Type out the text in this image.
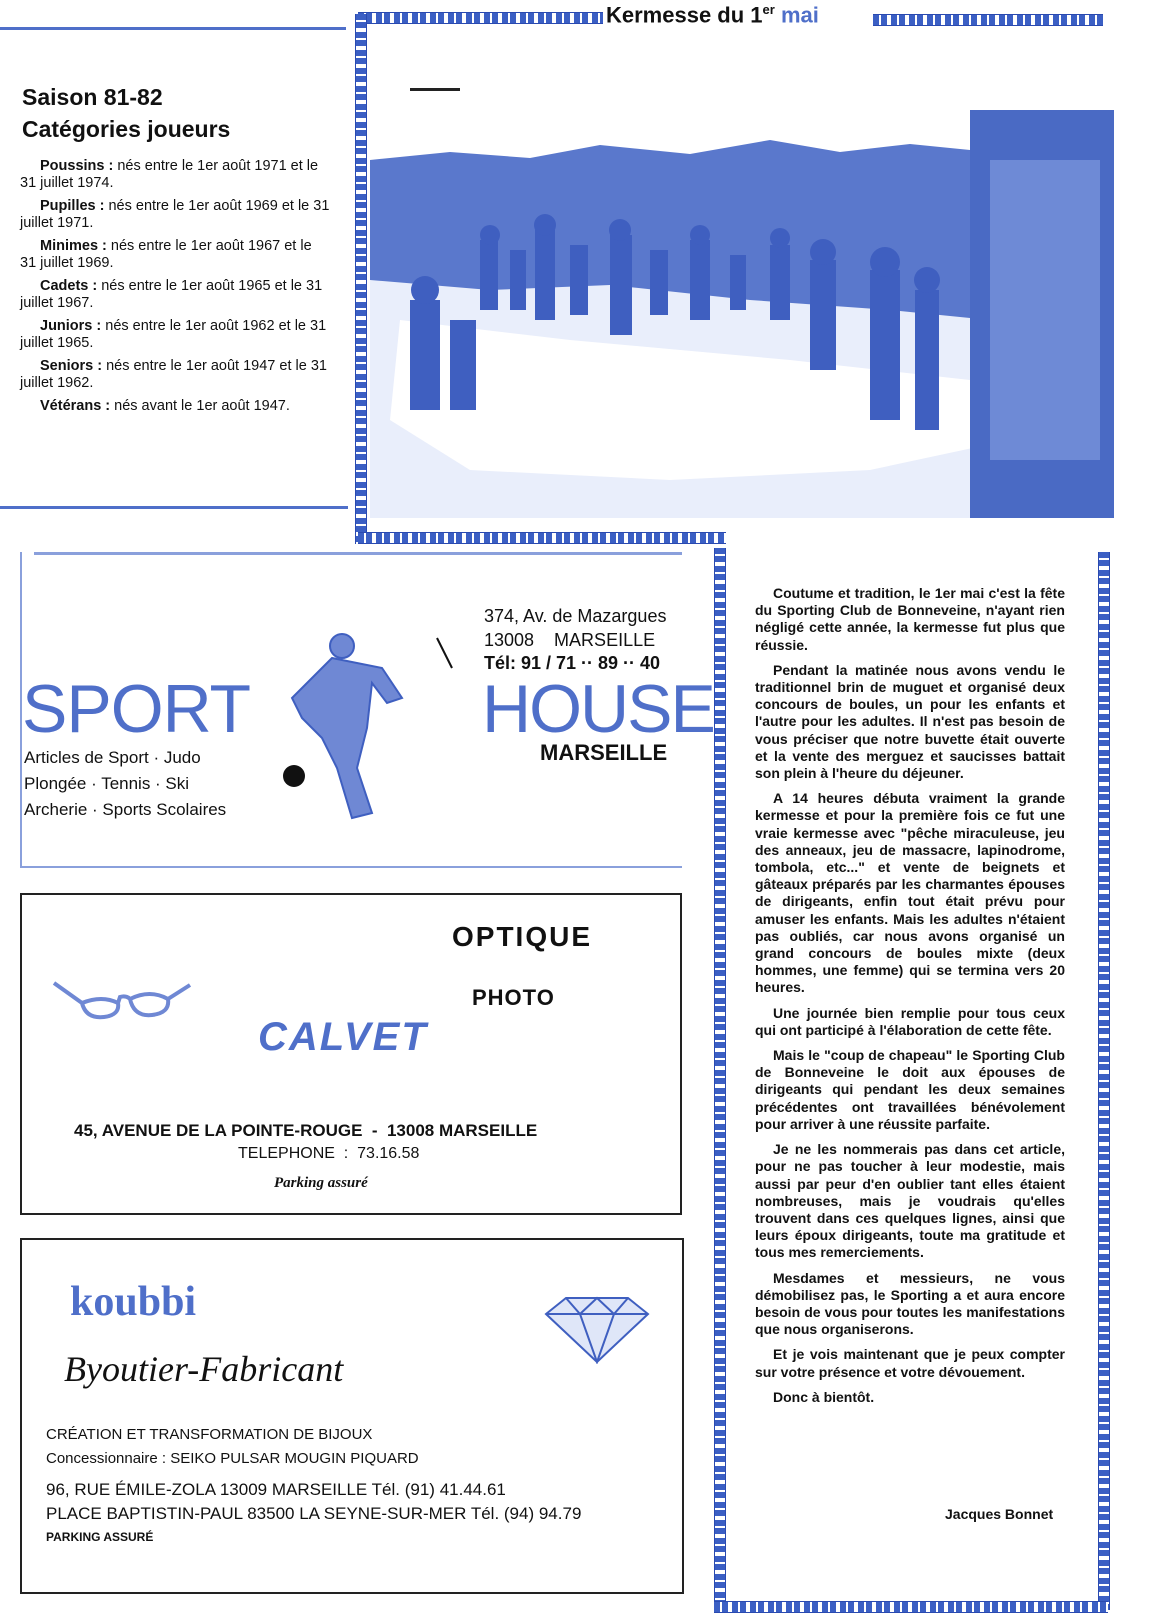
Kermesse du 1er mai
Saison 81-82
Catégories joueurs

Poussins : nés entre le 1er août 1971 et le 31 juillet 1974.

Pupilles : nés entre le 1er août 1969 et le 31 juillet 1971.

Minimes : nés entre le 1er août 1967 et le 31 juillet 1969.

Cadets : nés entre le 1er août 1965 et le 31 juillet 1967.

Juniors : nés entre le 1er août 1962 et le 31 juillet 1965.

Seniors : nés entre le 1er août 1947 et le 31 juillet 1962.

Vétérans : nés avant le 1er août 1947.

Coutume et tradition, le 1er mai c'est la fête du Sporting Club de Bonneveine, n'ayant rien négligé cette année, la kermesse fut plus que réussie.

Pendant la matinée nous avons vendu le traditionnel brin de muguet et organisé deux concours de boules, un pour les enfants et l'autre pour les adultes. Il n'est pas besoin de vous préciser que notre buvette était ouverte et la vente des merguez et saucisses battait son plein à l'heure du déjeuner.

A 14 heures débuta vraiment la grande kermesse et pour la première fois ce fut une vraie kermesse avec "pêche miraculeuse, jeu des anneaux, jeu de massacre, lapinodrome, tombola, etc..." et vente de beignets et gâteaux préparés par les charmantes épouses de dirigeants, enfin tout était prévu pour amuser les enfants. Mais les adultes n'étaient pas oubliés, car nous avons organisé un grand concours de boules mixte (deux hommes, une femme) qui se termina vers 20 heures.

Une journée bien remplie pour tous ceux qui ont participé à l'élaboration de cette fête.

Mais le "coup de chapeau" le Sporting Club de Bonneveine le doit aux épouses de dirigeants qui pendant les deux semaines précédentes ont travaillées bénévolement pour arriver à une réussite parfaite.

Je ne les nommerais pas dans cet article, pour ne pas toucher à leur modestie, mais aussi par peur d'en oublier tant elles étaient nombreuses, mais je voudrais qu'elles trouvent dans ces quelques lignes, ainsi que leurs époux dirigeants, toute ma gratitude et tous mes remerciements.

Mesdames et messieurs, ne vous démobilisez pas, le Sporting a et aura encore besoin de vous pour toutes les manifestations que nous organiserons.

Et je vois maintenant que je peux compter sur votre présence et votre dévouement.

Donc à bientôt.

Jacques Bonnet
374, Av. de Mazargues
13008    MARSEILLE
Tél: 91 / 71 ·· 89 ·· 40
SPORT	HOUSE
MARSEILLE
Articles de Sport · Judo
Plongée · Tennis · Ski
Archerie · Sports Scolaires
OPTIQUE
PHOTO
CALVET
45, AVENUE DE LA POINTE-ROUGE  -  13008 MARSEILLE
TELEPHONE  :  73.16.58
Parking assuré
koubbi
Byoutier-Fabricant
CRÉATION ET TRANSFORMATION DE BIJOUX
Concessionnaire : SEIKO PULSAR MOUGIN PIQUARD
96, RUE ÉMILE-ZOLA 13009 MARSEILLE Tél. (91) 41.44.61
PLACE BAPTISTIN-PAUL 83500 LA SEYNE-SUR-MER Tél. (94) 94.79
PARKING ASSURÉ
